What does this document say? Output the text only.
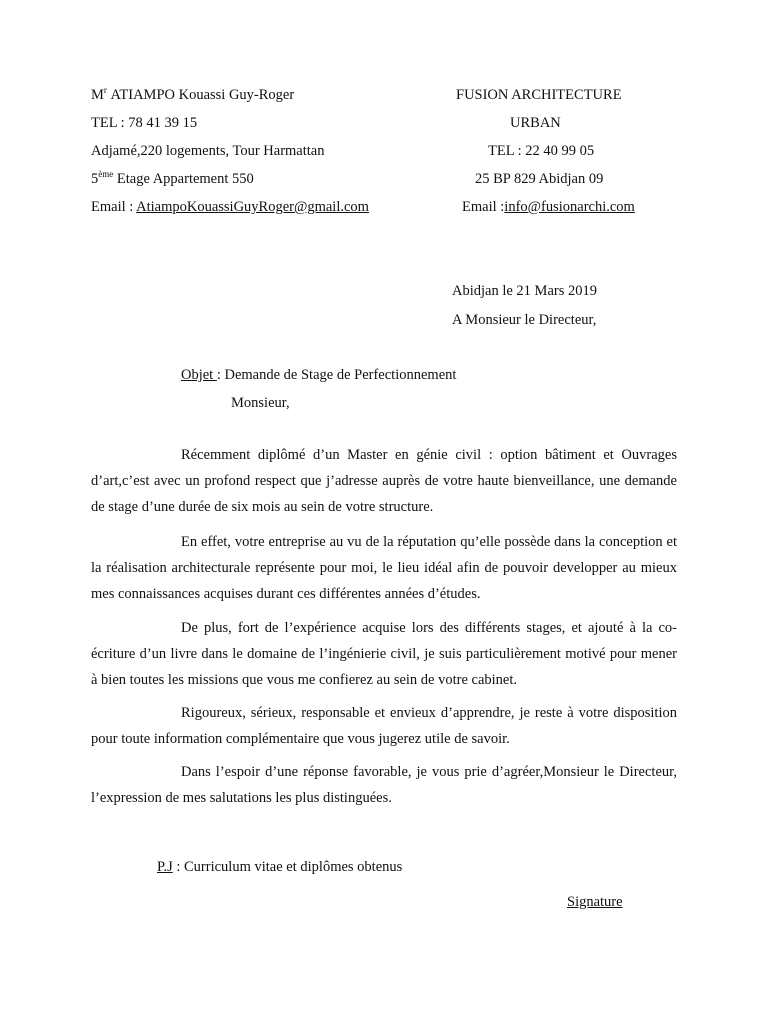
$M^r$ ATIAMPO Kouassi Guy-Roger
TEL : 78 41 39 15
Adjamé,220 logements, Tour Harmattan
5ème Etage Appartement 550
Email : AtiampoKouassiGuyRoger@gmail.com
FUSION ARCHITECTURE
URBAN
TEL : 22 40 99 05
25 BP 829 Abidjan 09
Email :info@fusionarchi.com
Abidjan le 21 Mars 2019
A Monsieur le Directeur,
Objet : Demande de Stage de Perfectionnement
Monsieur,

Récemment diplômé d’un Master en génie civil : option bâtiment et Ouvrages d’art,c’est avec un profond respect que j’adresse auprès de votre haute bienveillance, une demande de stage d’une durée de six mois au sein de votre structure.

En effet, votre entreprise au vu de la réputation qu’elle possède dans la conception et la réalisation architecturale représente pour moi, le lieu idéal afin de pouvoir developper au mieux mes connaissances acquises durant ces différentes années d’études.

De plus, fort de l’expérience acquise lors des différents stages, et ajouté à la co-écriture d’un livre dans le domaine de l’ingénierie civil, je suis particulièrement motivé pour mener à bien toutes les missions que vous me confierez au sein de votre cabinet.

Rigoureux, sérieux, responsable et envieux d’apprendre, je reste à votre disposition pour toute information complémentaire que vous jugerez utile de savoir.

Dans l’espoir d’une réponse favorable, je vous prie d’agréer,Monsieur le Directeur, l’expression de mes salutations les plus distinguées.

P.J : Curriculum vitae et diplômes obtenus
Signature
